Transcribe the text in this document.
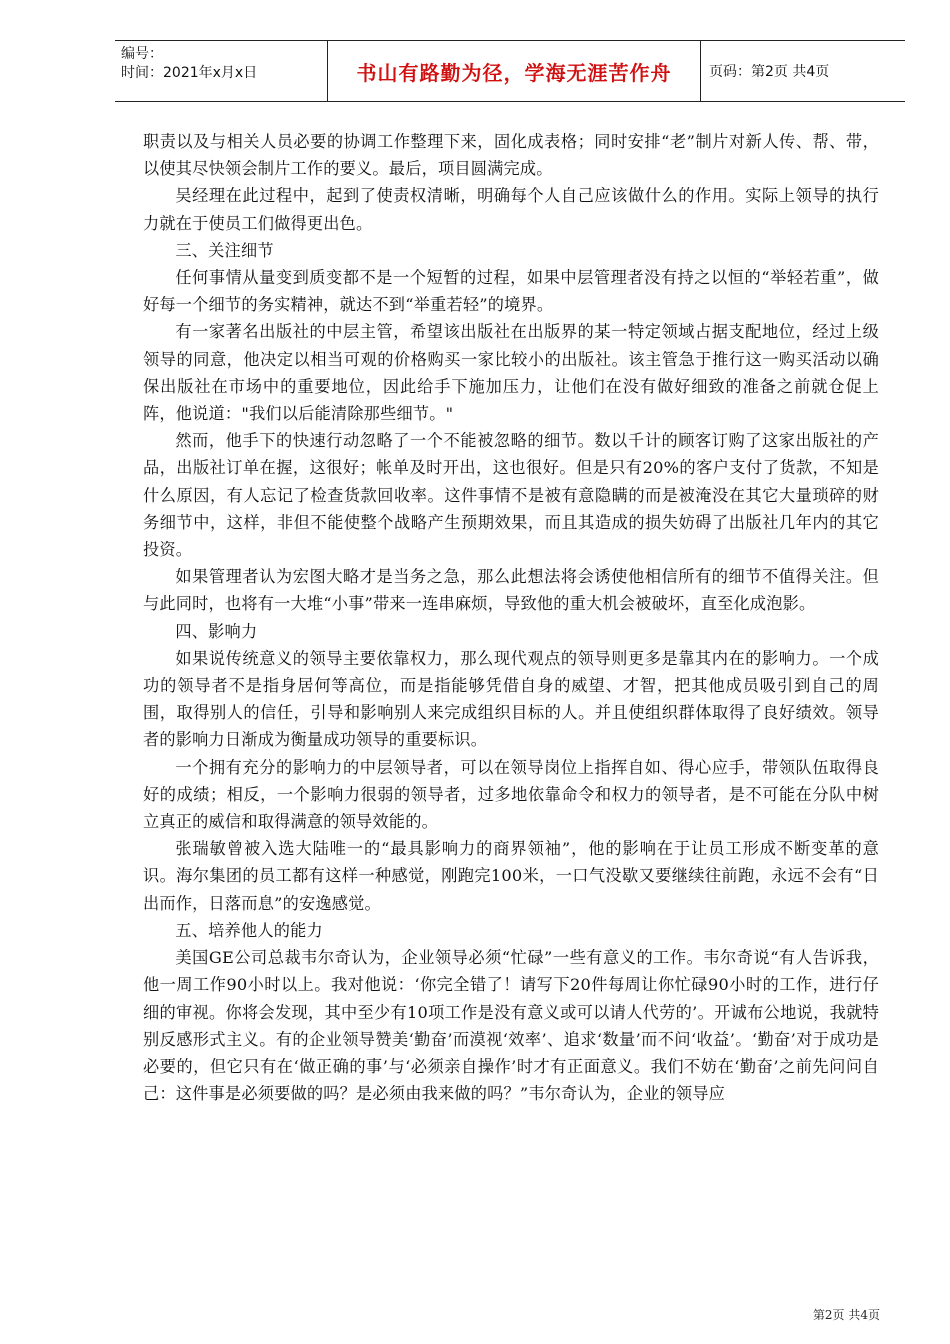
编号：
时间：2021年x月x日	书山有路勤为径，学海无涯苦作舟	页码：第2页 共4页

职责以及与相关人员必要的协调工作整理下来，固化成表格；同时安排“老”制片对新人传、帮、带，以使其尽快领会制片工作的要义。最后，项目圆满完成。

吴经理在此过程中，起到了使责权清晰，明确每个人自己应该做什么的作用。实际上领导的执行力就在于使员工们做得更出色。

三、关注细节

任何事情从量变到质变都不是一个短暂的过程，如果中层管理者没有持之以恒的“举轻若重”，做好每一个细节的务实精神，就达不到“举重若轻”的境界。

有一家著名出版社的中层主管，希望该出版社在出版界的某一特定领域占据支配地位，经过上级领导的同意，他决定以相当可观的价格购买一家比较小的出版社。该主管急于推行这一购买活动以确保出版社在市场中的重要地位，因此给手下施加压力，让他们在没有做好细致的准备之前就仓促上阵，他说道："我们以后能清除那些细节。"

然而，他手下的快速行动忽略了一个不能被忽略的细节。数以千计的顾客订购了这家出版社的产品，出版社订单在握，这很好；帐单及时开出，这也很好。但是只有20%的客户支付了货款，不知是什么原因，有人忘记了检查货款回收率。这件事情不是被有意隐瞒的而是被淹没在其它大量琐碎的财务细节中，这样，非但不能使整个战略产生预期效果，而且其造成的损失妨碍了出版社几年内的其它投资。

如果管理者认为宏图大略才是当务之急，那么此想法将会诱使他相信所有的细节不值得关注。但与此同时，也将有一大堆“小事”带来一连串麻烦，导致他的重大机会被破坏，直至化成泡影。

四、影响力

如果说传统意义的领导主要依靠权力，那么现代观点的领导则更多是靠其内在的影响力。一个成功的领导者不是指身居何等高位，而是指能够凭借自身的威望、才智，把其他成员吸引到自己的周围，取得别人的信任，引导和影响别人来完成组织目标的人。并且使组织群体取得了良好绩效。领导者的影响力日渐成为衡量成功领导的重要标识。

一个拥有充分的影响力的中层领导者，可以在领导岗位上指挥自如、得心应手，带领队伍取得良好的成绩；相反，一个影响力很弱的领导者，过多地依靠命令和权力的领导者，是不可能在分队中树立真正的威信和取得满意的领导效能的。

张瑞敏曾被入选大陆唯一的“最具影响力的商界领袖”，他的影响在于让员工形成不断变革的意识。海尔集团的员工都有这样一种感觉，刚跑完100米，一口气没歇又要继续往前跑，永远不会有“日出而作，日落而息”的安逸感觉。

五、培养他人的能力

美国GE公司总裁韦尔奇认为，企业领导必须“忙碌”一些有意义的工作。韦尔奇说“有人告诉我，他一周工作90小时以上。我对他说：‘你完全错了！请写下20件每周让你忙碌90小时的工作，进行仔细的审视。你将会发现，其中至少有10项工作是没有意义或可以请人代劳的’。开诚布公地说，我就特别反感形式主义。有的企业领导赞美‘勤奋’而漠视‘效率’、追求‘数量’而不问‘收益’。‘勤奋’对于成功是必要的，但它只有在‘做正确的事’与‘必须亲自操作’时才有正面意义。我们不妨在‘勤奋’之前先问问自己：这件事是必须要做的吗？是必须由我来做的吗？”韦尔奇认为，企业的领导应

第2页 共4页
